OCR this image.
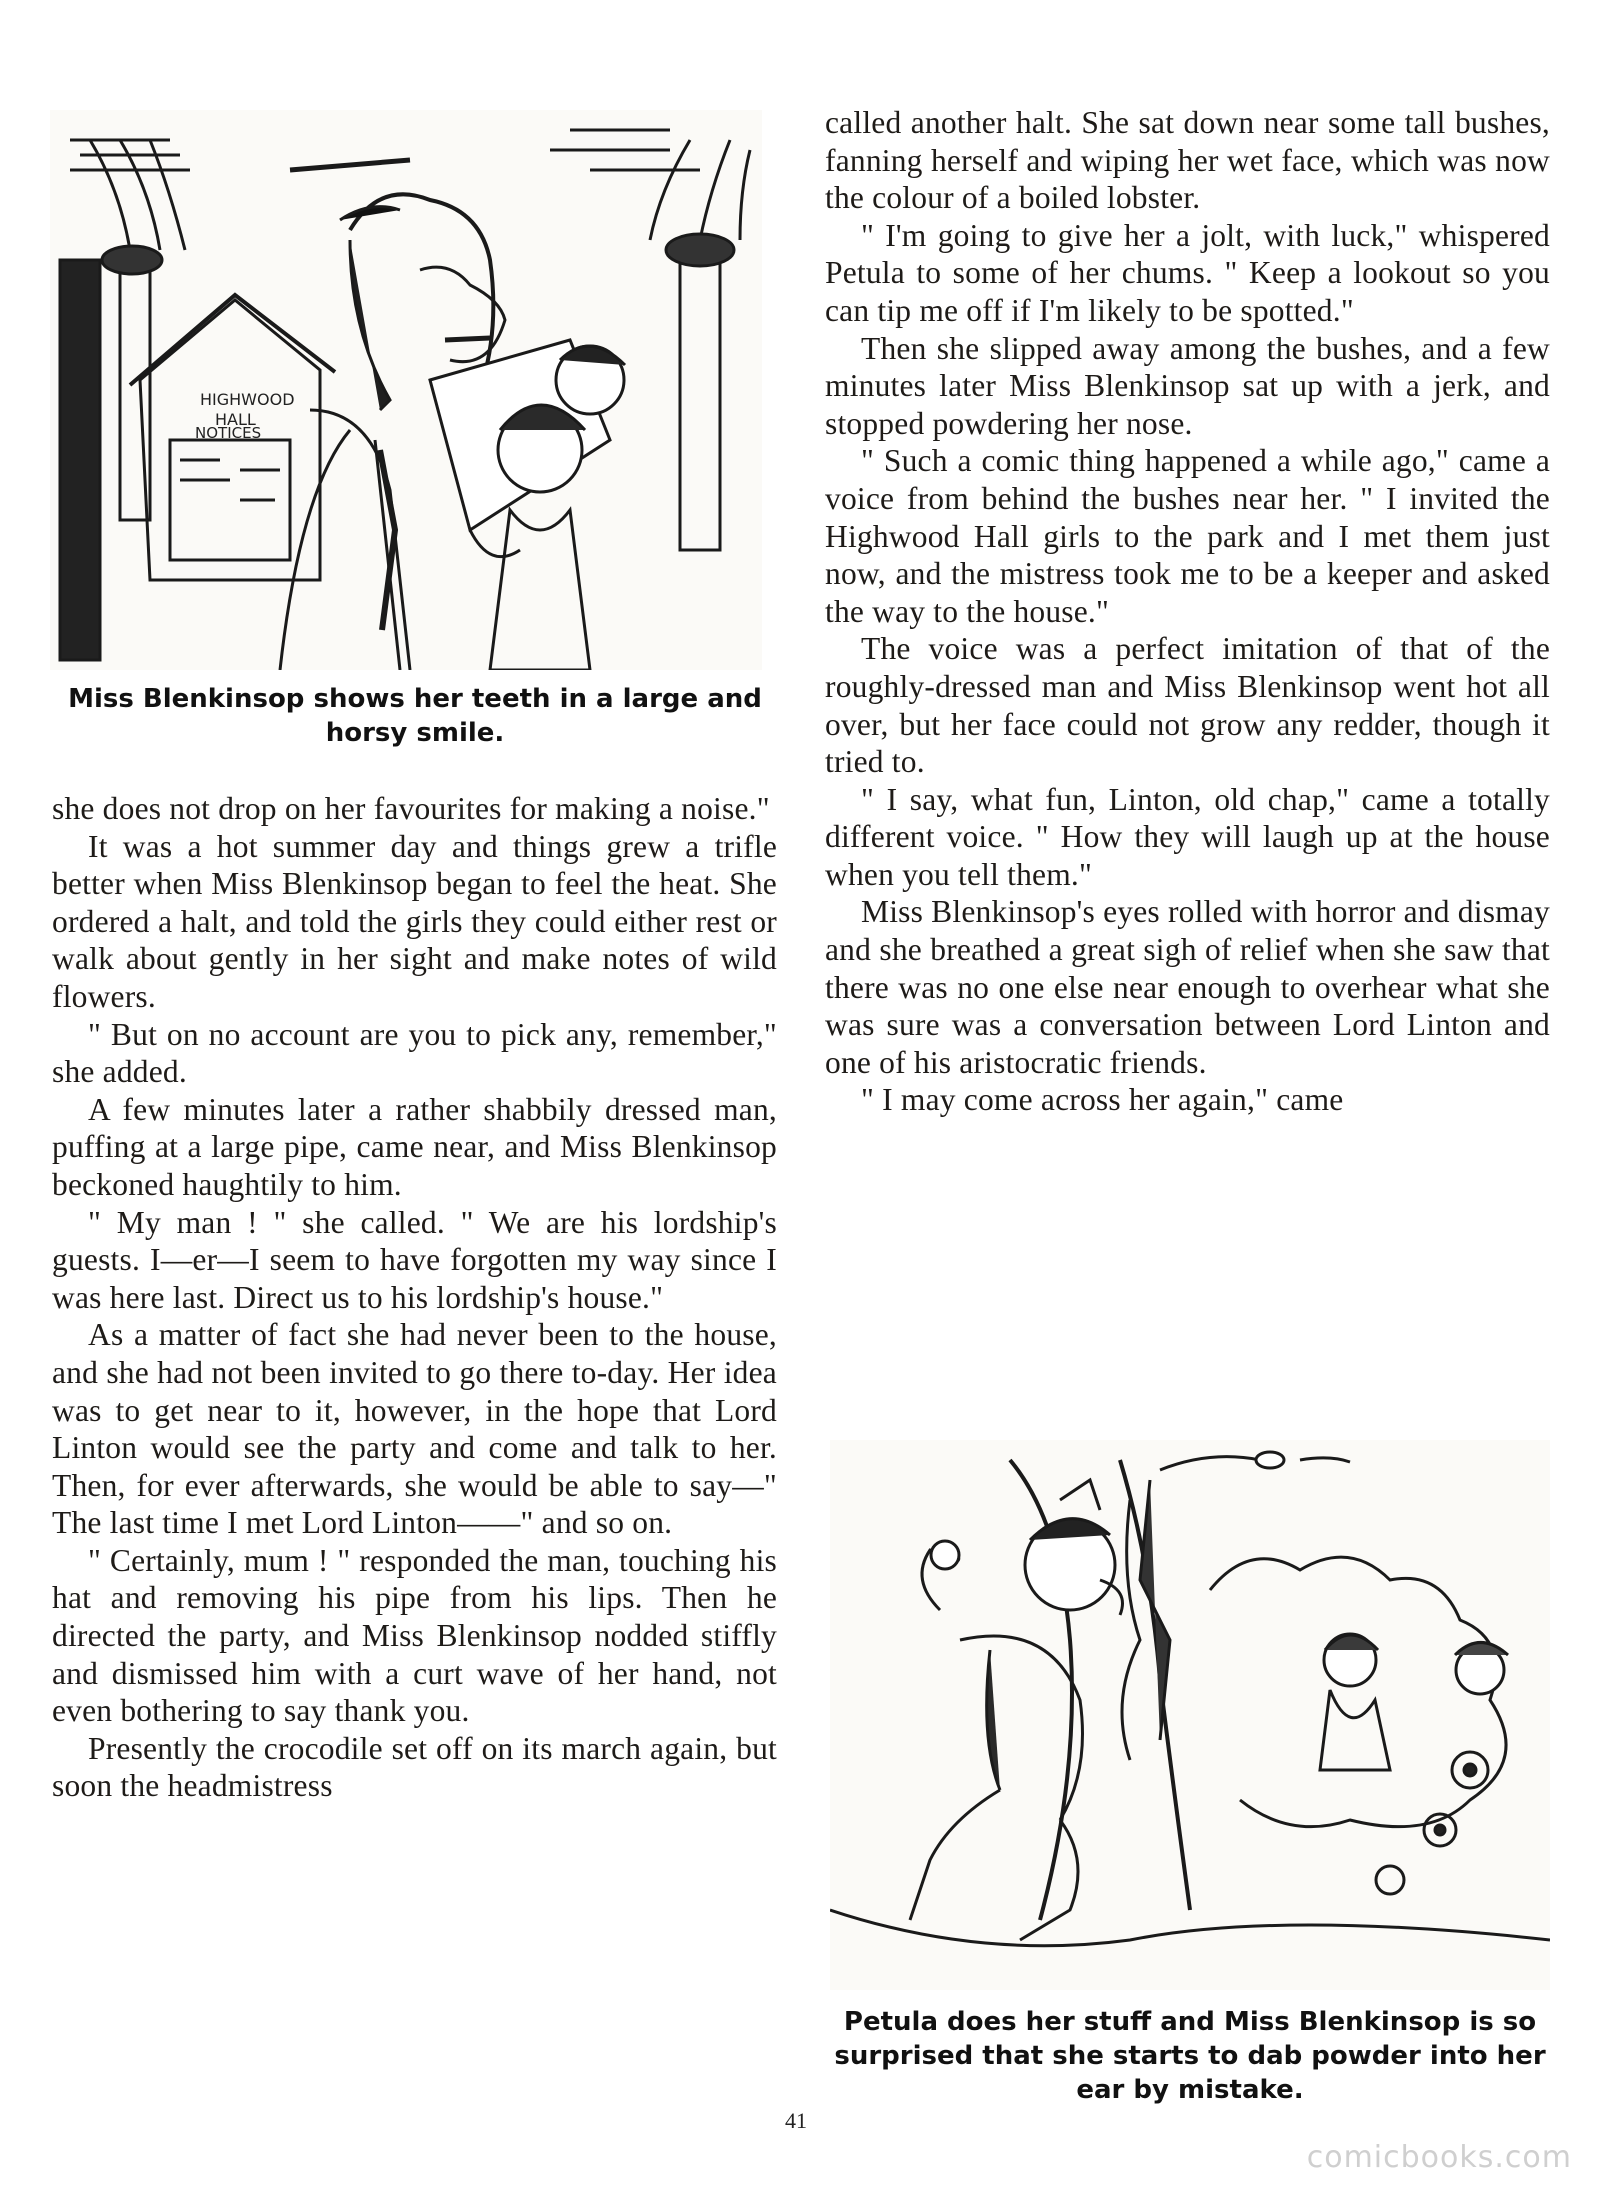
HIGHWOOD
HALL
NOTICES
Miss Blenkinsop shows her teeth in a large and horsy smile.

she does not drop on her favourites for making a noise."

It was a hot summer day and things grew a trifle better when Miss Blenkinsop began to feel the heat. She ordered a halt, and told the girls they could either rest or walk about gently in her sight and make notes of wild flowers.

" But on no account are you to pick any, remember," she added.

A few minutes later a rather shabbily dressed man, puffing at a large pipe, came near, and Miss Blenkinsop beckoned haughtily to him.

" My man ! " she called. " We are his lordship's guests. I—er—I seem to have forgotten my way since I was here last. Direct us to his lordship's house."

As a matter of fact she had never been to the house, and she had not been invited to go there to-day. Her idea was to get near to it, however, in the hope that Lord Linton would see the party and come and talk to her. Then, for ever afterwards, she would be able to say—" The last time I met Lord Linton——" and so on.

" Certainly, mum ! " responded the man, touching his hat and removing his pipe from his lips. Then he directed the party, and Miss Blenkinsop nodded stiffly and dismissed him with a curt wave of her hand, not even bothering to say thank you.

Presently the crocodile set off on its march again, but soon the headmistress

called another halt. She sat down near some tall bushes, fanning herself and wiping her wet face, which was now the colour of a boiled lobster.

" I'm going to give her a jolt, with luck," whispered Petula to some of her chums. " Keep a lookout so you can tip me off if I'm likely to be spotted."

Then she slipped away among the bushes, and a few minutes later Miss Blenkinsop sat up with a jerk, and stopped powdering her nose.

" Such a comic thing happened a while ago," came a voice from behind the bushes near her. " I invited the Highwood Hall girls to the park and I met them just now, and the mistress took me to be a keeper and asked the way to the house."

The voice was a perfect imitation of that of the roughly-dressed man and Miss Blenkinsop went hot all over, but her face could not grow any redder, though it tried to.

" I say, what fun, Linton, old chap," came a totally different voice. " How they will laugh up at the house when you tell them."

Miss Blenkinsop's eyes rolled with horror and dismay and she breathed a great sigh of relief when she saw that there was no one else near enough to overhear what she was sure was a conversation between Lord Linton and one of his aristocratic friends.

" I may come across her again," came

Petula does her stuff and Miss Blenkinsop is so surprised that she starts to dab powder into her ear by mistake.
41
comicbooks.com
